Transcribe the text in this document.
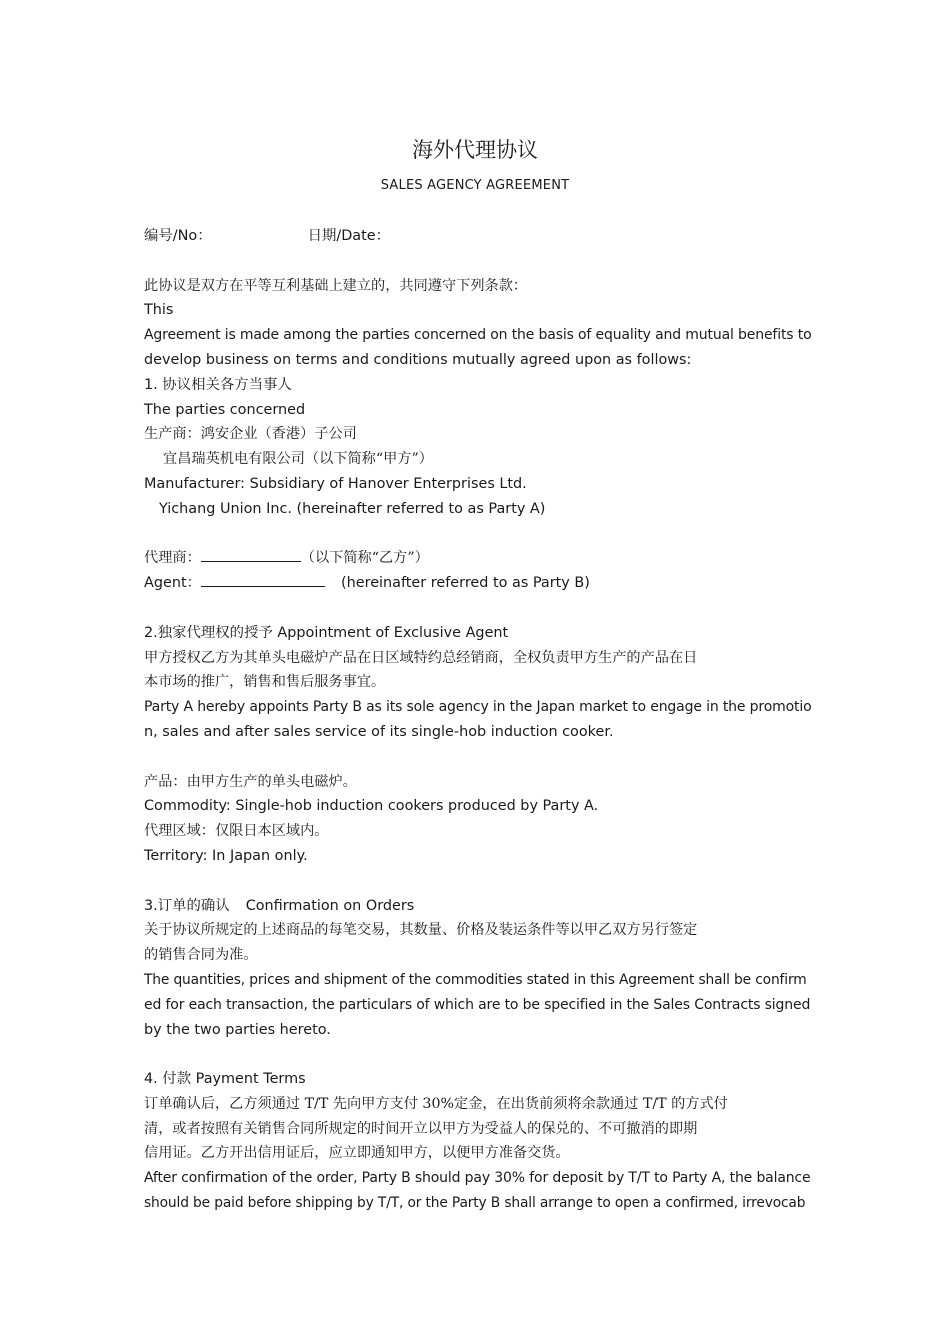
海外代理协议
SALES AGENCY AGREEMENT
编号/No：	日期/Date：
此协议是双方在平等互利基础上建立的，共同遵守下列条款：
This
Agreement is made among the parties concerned on the basis of equality and mutual benefits to
develop business on terms and conditions mutually agreed upon as follows:
1. 协议相关各方当事人
The parties concerned
生产商：鸿安企业（香港）子公司
宜昌瑞英机电有限公司（以下简称“甲方”）
Manufacturer: Subsidiary of Hanover Enterprises Ltd.
Yichang Union Inc. (hereinafter referred to as Party A)
代理商：	（以下简称“乙方”）
Agent：	(hereinafter referred to as Party B)
2.独家代理权的授予 Appointment of Exclusive Agent
甲方授权乙方为其单头电磁炉产品在日区域特约总经销商，全权负责甲方生产的产品在日
本市场的推广，销售和售后服务事宜。
Party A hereby appoints Party B as its sole agency in the Japan market to engage in the promotio
n, sales and after sales service of its single-hob induction cooker.
产品：由甲方生产的单头电磁炉。
Commodity: Single-hob induction cookers produced by Party A.
代理区域：仅限日本区域内。
Territory: In Japan only.
3.订单的确认 Confirmation on Orders
关于协议所规定的上述商品的每笔交易，其数量、价格及装运条件等以甲乙双方另行签定
的销售合同为准。
The quantities, prices and shipment of the commodities stated in this Agreement shall be confirm
ed for each transaction, the particulars of which are to be specified in the Sales Contracts signed
by the two parties hereto.
4. 付款 Payment Terms
订单确认后，乙方须通过 T/T 先向甲方支付 30%定金，在出货前须将余款通过 T/T 的方式付
清，或者按照有关销售合同所规定的时间开立以甲方为受益人的保兑的、不可撤消的即期
信用证。乙方开出信用证后，应立即通知甲方，以便甲方准备交货。
After confirmation of the order, Party B should pay 30% for deposit by T/T to Party A, the balance
should be paid before shipping by T/T, or the Party B shall arrange to open a confirmed, irrevocab
